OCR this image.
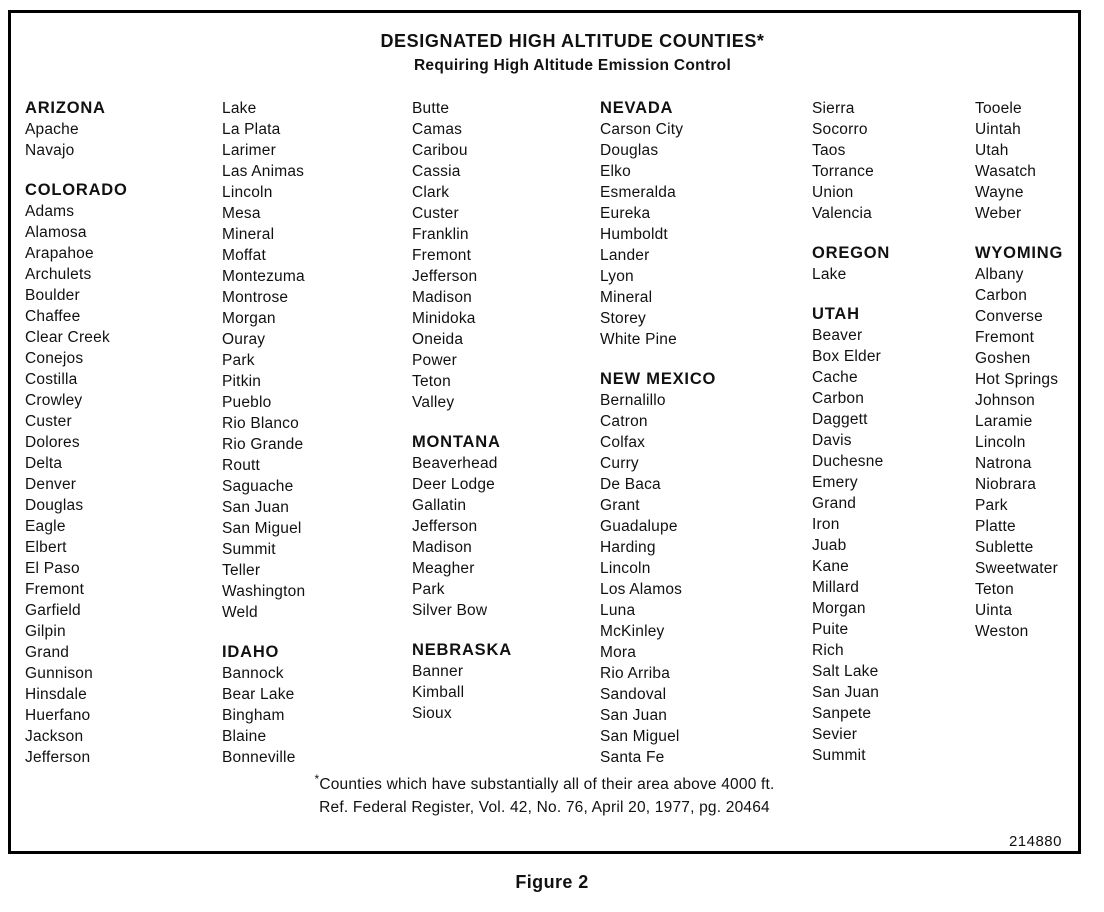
DESIGNATED HIGH ALTITUDE COUNTIES*
Requiring High Altitude Emission Control
ARIZONA
Apache
Navajo
COLORADO
Adams
Alamosa
Arapahoe
Archulets
Boulder
Chaffee
Clear Creek
Conejos
Costilla
Crowley
Custer
Dolores
Delta
Denver
Douglas
Eagle
Elbert
El Paso
Fremont
Garfield
Gilpin
Grand
Gunnison
Hinsdale
Huerfano
Jackson
Jefferson
Lake
La Plata
Larimer
Las Animas
Lincoln
Mesa
Mineral
Moffat
Montezuma
Montrose
Morgan
Ouray
Park
Pitkin
Pueblo
Rio Blanco
Rio Grande
Routt
Saguache
San Juan
San Miguel
Summit
Teller
Washington
Weld
IDAHO
Bannock
Bear Lake
Bingham
Blaine
Bonneville
Butte
Camas
Caribou
Cassia
Clark
Custer
Franklin
Fremont
Jefferson
Madison
Minidoka
Oneida
Power
Teton
Valley
MONTANA
Beaverhead
Deer Lodge
Gallatin
Jefferson
Madison
Meagher
Park
Silver Bow
NEBRASKA
Banner
Kimball
Sioux
NEVADA
Carson City
Douglas
Elko
Esmeralda
Eureka
Humboldt
Lander
Lyon
Mineral
Storey
White Pine
NEW MEXICO
Bernalillo
Catron
Colfax
Curry
De Baca
Grant
Guadalupe
Harding
Lincoln
Los Alamos
Luna
McKinley
Mora
Rio Arriba
Sandoval
San Juan
San Miguel
Santa Fe
Sierra
Socorro
Taos
Torrance
Union
Valencia
OREGON
Lake
UTAH
Beaver
Box Elder
Cache
Carbon
Daggett
Davis
Duchesne
Emery
Grand
Iron
Juab
Kane
Millard
Morgan
Puite
Rich
Salt Lake
San Juan
Sanpete
Sevier
Summit
Tooele
Uintah
Utah
Wasatch
Wayne
Weber
WYOMING
Albany
Carbon
Converse
Fremont
Goshen
Hot Springs
Johnson
Laramie
Lincoln
Natrona
Niobrara
Park
Platte
Sublette
Sweetwater
Teton
Uinta
Weston
*Counties which have substantially all of their area above 4000 ft.
Ref. Federal Register, Vol. 42, No. 76, April 20, 1977, pg. 20464
214880
Figure 2
